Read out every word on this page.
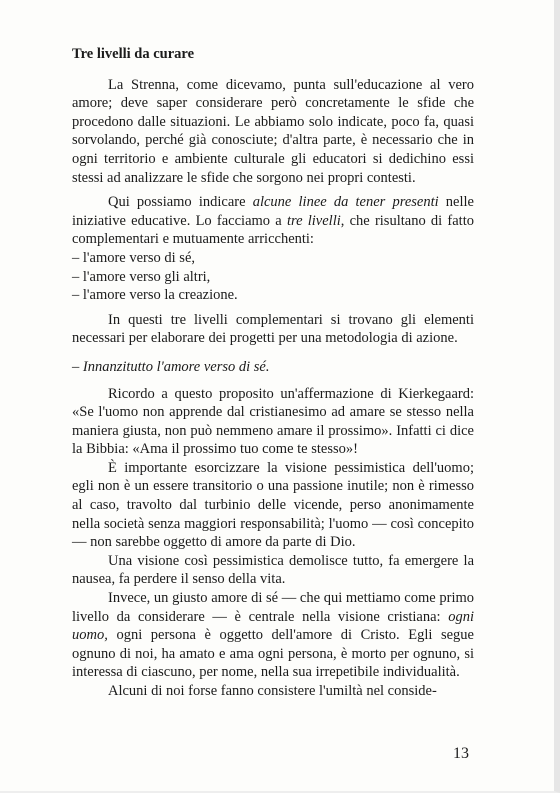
Tre livelli da curare

La Strenna, come dicevamo, punta sull'educazione al vero amore; deve saper considerare però concretamente le sfide che procedono dalle situazioni. Le abbiamo solo indicate, poco fa, quasi sorvolando, perché già conosciute; d'altra parte, è necessario che in ogni territorio e ambiente culturale gli educatori si dedichino essi stessi ad analizzare le sfide che sorgono nei propri contesti.

Qui possiamo indicare alcune linee da tener presenti nelle iniziative educative. Lo facciamo a tre livelli, che risultano di fatto complementari e mutuamente arricchenti:

– l'amore verso di sé,
– l'amore verso gli altri,
– l'amore verso la creazione.

In questi tre livelli complementari si trovano gli elementi necessari per elaborare dei progetti per una metodologia di azione.

– Innanzitutto l'amore verso di sé.

Ricordo a questo proposito un'affermazione di Kierkegaard: «Se l'uomo non apprende dal cristianesimo ad amare se stesso nella maniera giusta, non può nemmeno amare il prossimo». Infatti ci dice la Bibbia: «Ama il prossimo tuo come te stesso»!

È importante esorcizzare la visione pessimistica dell'uomo; egli non è un essere transitorio o una passione inutile; non è rimesso al caso, travolto dal turbinio delle vicende, perso anonimamente nella società senza maggiori responsabilità; l'uomo — così concepito — non sarebbe oggetto di amore da parte di Dio.

Una visione così pessimistica demolisce tutto, fa emergere la nausea, fa perdere il senso della vita.

Invece, un giusto amore di sé — che qui mettiamo come primo livello da considerare — è centrale nella visione cristiana: ogni uomo, ogni persona è oggetto dell'amore di Cristo. Egli segue ognuno di noi, ha amato e ama ogni persona, è morto per ognuno, si interessa di ciascuno, per nome, nella sua irrepetibile individualità.

Alcuni di noi forse fanno consistere l'umiltà nel conside-

13
